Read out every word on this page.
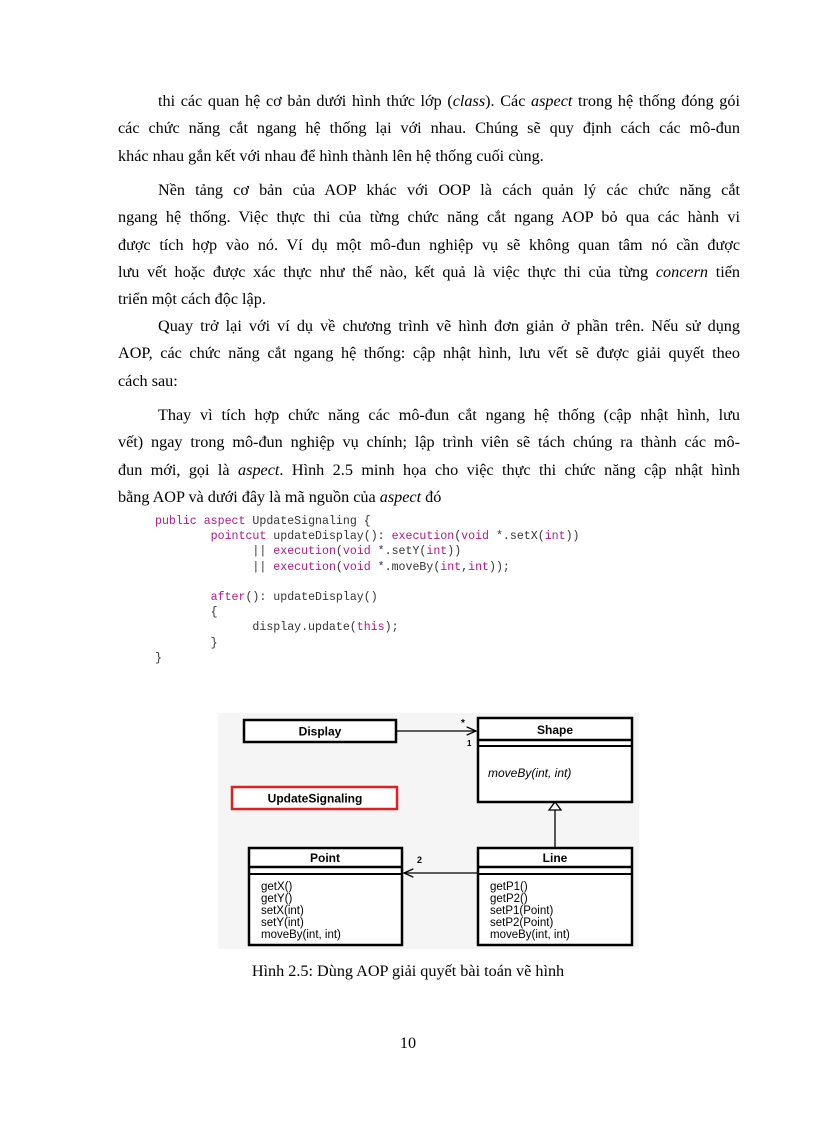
thi các quan hệ cơ bản dưới hình thức lớp (class). Các aspect trong hệ thống đóng gói
các chức năng cắt ngang hệ thống lại với nhau. Chúng sẽ quy định cách các mô-đun
khác nhau gắn kết với nhau để hình thành lên hệ thống cuối cùng.
Nền tảng cơ bản của AOP khác với OOP là cách quản lý các chức năng cắt
ngang hệ thống. Việc thực thi của từng chức năng cắt ngang AOP bỏ qua các hành vi
được tích hợp vào nó. Ví dụ một mô-đun nghiệp vụ sẽ không quan tâm nó cần được
lưu vết hoặc được xác thực như thế nào, kết quả là việc thực thi của từng concern tiến
triển một cách độc lập.
Quay trở lại với ví dụ về chương trình vẽ hình đơn giản ở phần trên. Nếu sử dụng
AOP, các chức năng cắt ngang hệ thống: cập nhật hình, lưu vết sẽ được giải quyết theo
cách sau:
Thay vì tích hợp chức năng các mô-đun cắt ngang hệ thống (cập nhật hình, lưu
vết) ngay trong mô-đun nghiệp vụ chính; lập trình viên sẽ tách chúng ra thành các mô-
đun mới, gọi là aspect. Hình 2.5 minh họa cho việc thực thi chức năng cập nhật hình
bằng AOP và dưới đây là mã nguồn của aspect đó
public aspect UpdateSignaling {
pointcut updateDisplay(): execution(void *.setX(int))
|| execution(void *.setY(int))
|| execution(void *.moveBy(int,int));

after(): updateDisplay()
{
display.update(this);
}
}
Display	Shape
moveBy(int, int)
*
1
UpdateSignaling
Point
getX()
getY()
setX(int)
setY(int)
moveBy(int, int)
Line
getP1()
getP2()
setP1(Point)
setP2(Point)
moveBy(int, int)
2
Hình 2.5: Dùng AOP giải quyết bài toán vẽ hình
10
